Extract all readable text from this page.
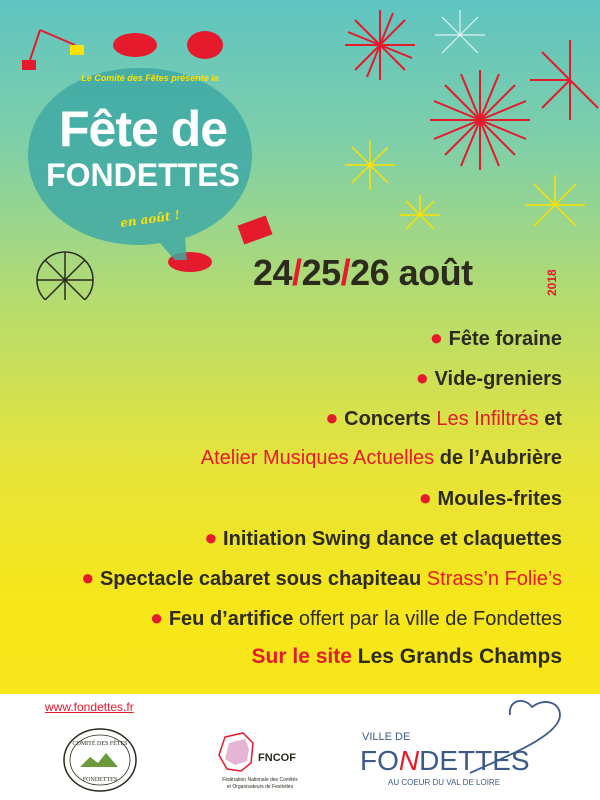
Le Comité des Fêtes présente la
Fête de
FONDETTES
en août !
24/25/26 août	2018
● Fête foraine
● Vide-greniers
● Concerts Les Infiltrés et
Atelier Musiques Actuelles de l’Aubrière
● Moules-frites
● Initiation Swing dance et claquettes
● Spectacle cabaret sous chapiteau Strass’n Folie’s
● Feu d’artifice offert par la ville de Fondettes
Sur le site Les Grands Champs
www.fondettes.fr
COMITÉ DES FÊTES
FONDETTES
FNCOF
Fédération Nationale des Comités
et Organisateurs de Festivités
VILLE DE
FONDETTES
AU COEUR DU VAL DE LOIRE
